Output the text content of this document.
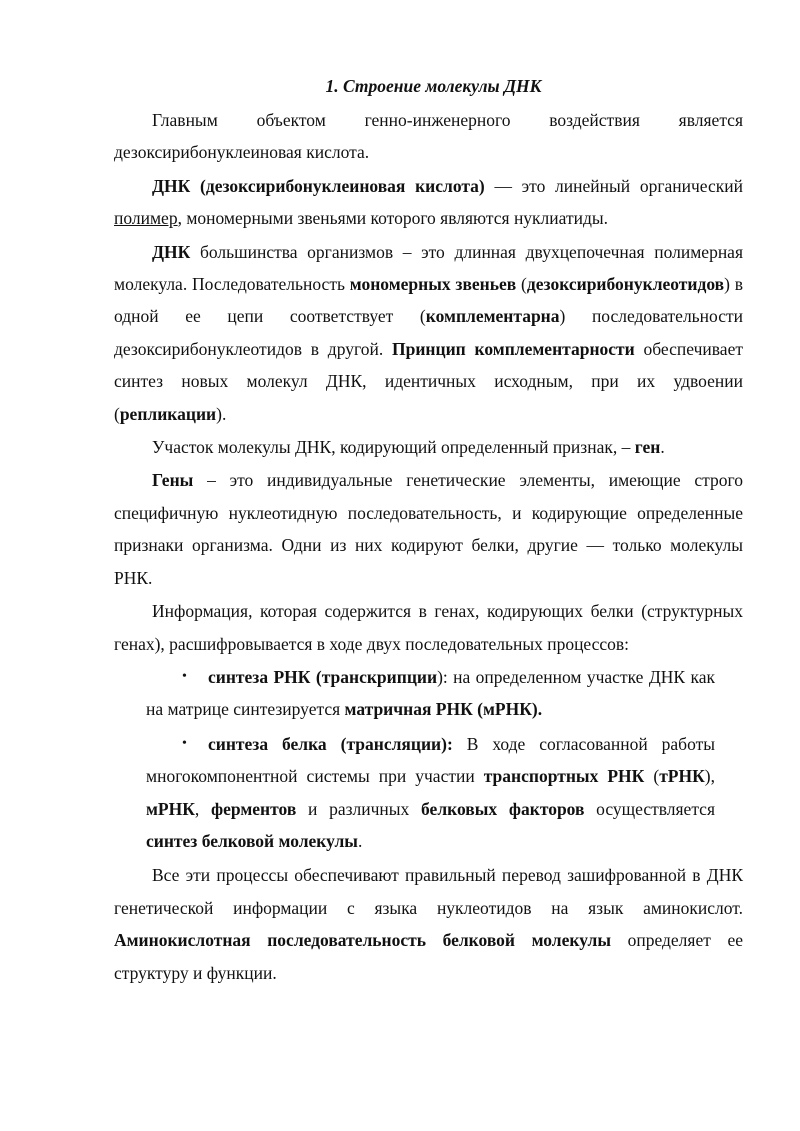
1. Строение молекулы ДНК

Главным объектом генно-инженерного воздействия является дезоксирибонуклеиновая кислота.

ДНК (дезоксирибонуклеиновая кислота) — это линейный органический полимер, мономерными звеньями которого являются нуклиатиды.

ДНК большинства организмов – это длинная двухцепочечная полимерная молекула. Последовательность мономерных звеньев (дезоксирибонуклеотидов) в одной ее цепи соответствует (комплементарна) последовательности дезоксирибонуклеотидов в другой. Принцип комплементарности обеспечивает синтез новых молекул ДНК, идентичных исходным, при их удвоении (репликации).

Участок молекулы ДНК, кодирующий определенный признак, – ген.

Гены – это индивидуальные генетические элементы, имеющие строго специфичную нуклеотидную последовательность, и кодирующие определенные признаки организма. Одни из них кодируют белки, другие — только молекулы РНК.

Информация, которая содержится в генах, кодирующих белки (структурных генах), расшифровывается в ходе двух последовательных процессов:

• синтеза РНК (транскрипции): на определенном участке ДНК как на матрице синтезируется матричная РНК (мРНК).
• синтеза белка (трансляции): В ходе согласованной работы многокомпонентной системы при участии транспортных РНК (тРНК), мРНК, ферментов и различных белковых факторов осуществляется синтез белковой молекулы.

Все эти процессы обеспечивают правильный перевод зашифрованной в ДНК генетической информации с языка нуклеотидов на язык аминокислот. Аминокислотная последовательность белковой молекулы определяет ее структуру и функции.
